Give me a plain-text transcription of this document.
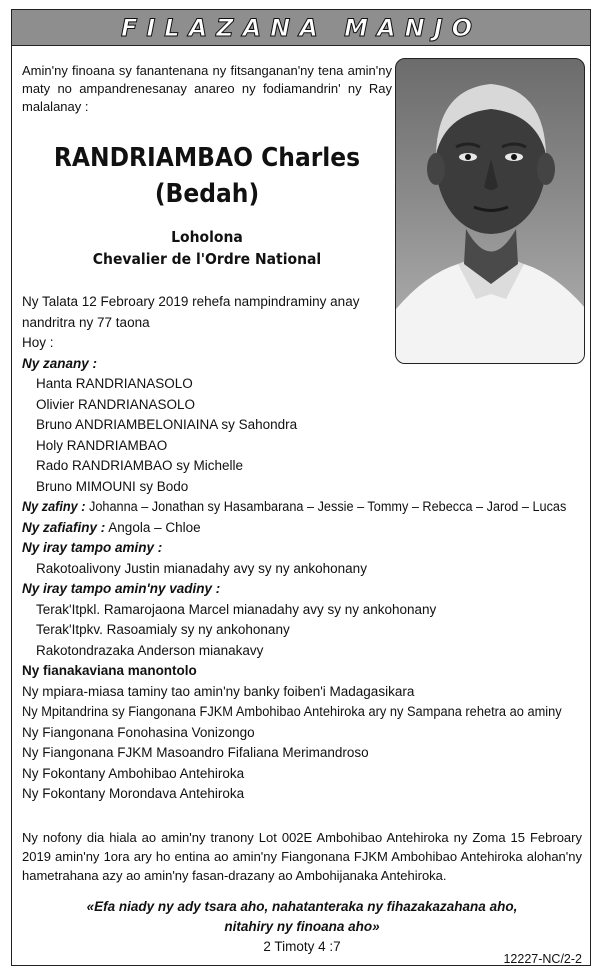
FILAZANA MANJO

Amin'ny finoana sy fanantenana ny fitsanganan'ny tena amin'ny maty no ampandrenesanay anareo ny fodiamandrin' ny Ray malalanay :

RANDRIAMBAO Charles
(Bedah)
Loholona
Chevalier de l'Ordre National
Ny Talata 12 Febroary 2019 rehefa nampindraminy anay
nandritra ny 77 taona
Hoy :
Ny zanany :
Hanta RANDRIANASOLO
Olivier RANDRIANASOLO
Bruno ANDRIAMBELONIAINA sy Sahondra
Holy RANDRIAMBAO
Rado RANDRIAMBAO sy Michelle
Bruno MIMOUNI sy Bodo
Ny zafiny : Johanna – Jonathan sy Hasambarana – Jessie – Tommy – Rebecca – Jarod – Lucas
Ny zafiafiny : Angola – Chloe
Ny iray tampo aminy :
Rakotoalivony Justin mianadahy avy sy ny ankohonany
Ny iray tampo amin'ny vadiny :
Terak'Itpkl. Ramarojaona Marcel mianadahy avy sy ny ankohonany
Terak'Itpkv. Rasoamialy sy ny ankohonany
Rakotondrazaka Anderson mianakavy
Ny fianakaviana manontolo
Ny mpiara-miasa taminy tao amin'ny banky foiben'i Madagasikara
Ny Mpitandrina sy Fiangonana FJKM Ambohibao Antehiroka ary ny Sampana rehetra ao aminy
Ny Fiangonana Fonohasina Vonizongo
Ny Fiangonana FJKM Masoandro Fifaliana Merimandroso
Ny Fokontany Ambohibao Antehiroka
Ny Fokontany Morondava Antehiroka

Ny nofony dia hiala ao amin'ny tranony Lot 002E Ambohibao Antehiroka ny Zoma 15 Febroary 2019 amin'ny 1ora ary ho entina ao amin'ny Fiangonana FJKM Ambohibao Antehiroka alohan'ny hametrahana azy ao amin'ny fasan-drazany ao Ambohijanaka Antehiroka.

«Efa niady ny ady tsara aho, nahatanteraka ny fihazakazahana aho,
nitahiry ny finoana aho»
2 Timoty 4 :7
12227-NC/2-2
